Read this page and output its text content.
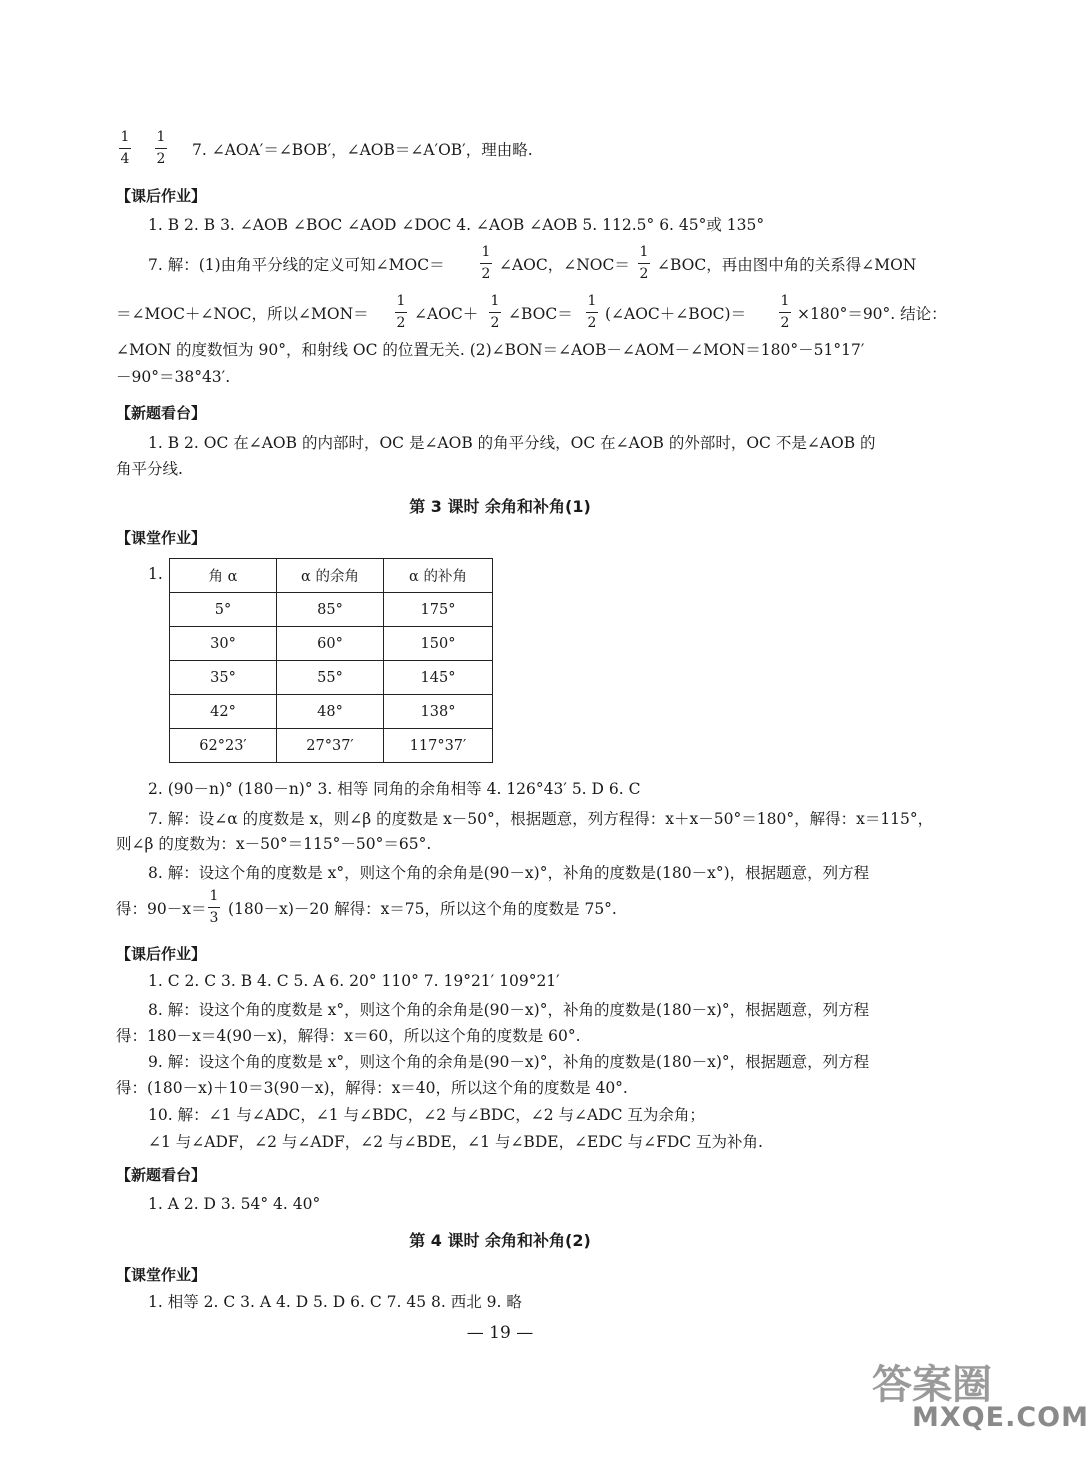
1
4
1
2	7. ∠AOA′＝∠BOB′，∠AOB＝∠A′OB′，理由略.
【课后作业】
1. B 2. B 3. ∠AOB ∠BOC ∠AOD ∠DOC 4. ∠AOB ∠AOB 5. 112.5° 6. 45°或 135°
7. 解：(1)由角平分线的定义可知∠MOC＝
1
2 ∠AOC，∠NOC＝
1
2 ∠BOC，再由图中角的关系得∠MON
＝∠MOC＋∠NOC，所以∠MON＝
1
2 ∠AOC＋
1
2 ∠BOC＝
1
2 (∠AOC＋∠BOC)＝
1
2 ×180°＝90°. 结论：
∠MON 的度数恒为 90°，和射线 OC 的位置无关. (2)∠BON＝∠AOB－∠AOM－∠MON＝180°－51°17′
－90°＝38°43′.
【新题看台】
1. B 2. OC 在∠AOB 的内部时，OC 是∠AOB 的角平分线，OC 在∠AOB 的外部时，OC 不是∠AOB 的
角平分线.
第 3 课时 余角和补角(1)
【课堂作业】
1.	角 α	α 的余角	α 的补角
5°	85°	175°
30°	60°	150°
35°	55°	145°
42°	48°	138°
62°23′	27°37′	117°37′
2. (90－n)° (180－n)° 3. 相等 同角的余角相等 4. 126°43′ 5. D 6. C
7. 解：设∠α 的度数是 x，则∠β 的度数是 x－50°，根据题意，列方程得：x＋x－50°＝180°，解得：x＝115°，
则∠β 的度数为：x－50°＝115°－50°＝65°.
8. 解：设这个角的度数是 x°，则这个角的余角是(90－x)°，补角的度数是(180－x°)，根据题意，列方程
得：90－x＝
1
3 (180－x)－20 解得：x＝75，所以这个角的度数是 75°.
【课后作业】
1. C 2. C 3. B 4. C 5. A 6. 20° 110° 7. 19°21′ 109°21′
8. 解：设这个角的度数是 x°，则这个角的余角是(90－x)°，补角的度数是(180－x)°，根据题意，列方程
得：180－x＝4(90－x)，解得：x＝60，所以这个角的度数是 60°.
9. 解：设这个角的度数是 x°，则这个角的余角是(90－x)°，补角的度数是(180－x)°，根据题意，列方程
得：(180－x)＋10＝3(90－x)，解得：x＝40，所以这个角的度数是 40°.
10. 解：∠1 与∠ADC，∠1 与∠BDC，∠2 与∠BDC，∠2 与∠ADC 互为余角；
∠1 与∠ADF，∠2 与∠ADF，∠2 与∠BDE，∠1 与∠BDE，∠EDC 与∠FDC 互为补角.
【新题看台】
1. A 2. D 3. 54° 4. 40°
第 4 课时 余角和补角(2)
【课堂作业】
1. 相等 2. C 3. A 4. D 5. D 6. C 7. 45 8. 西北 9. 略
— 19 —
答案圈
MXQE.COM
